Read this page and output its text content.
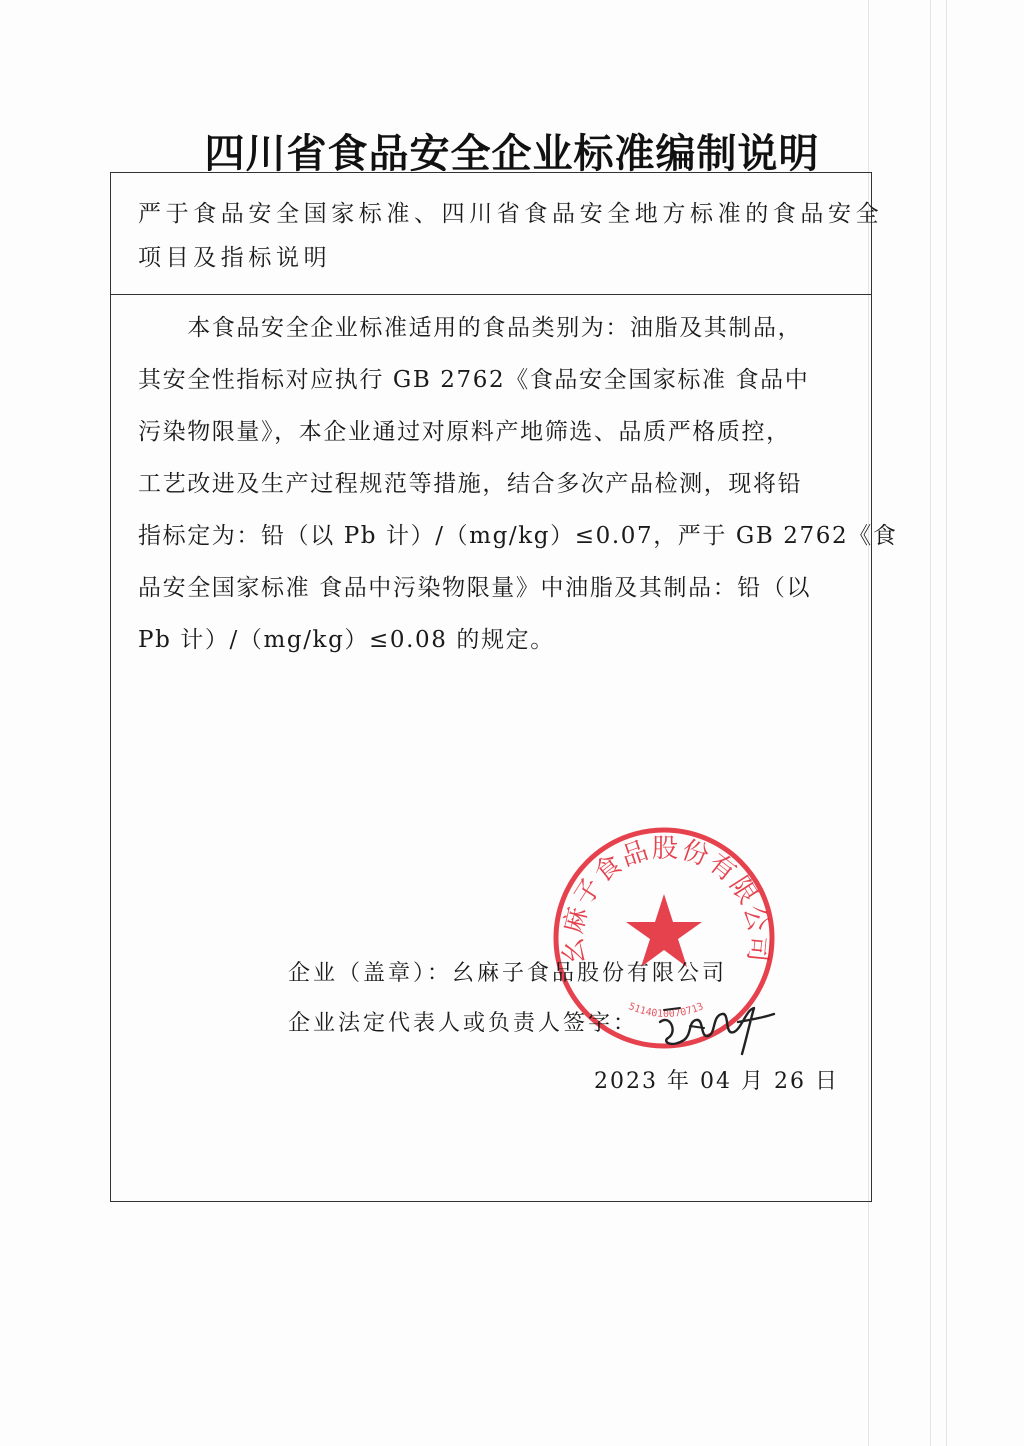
四川省食品安全企业标准编制说明
严于食品安全国家标准、四川省食品安全地方标准的食品安全
项目及指标说明
　　本食品安全企业标准适用的食品类别为：油脂及其制品，
其安全性指标对应执行 GB 2762《食品安全国家标准 食品中
污染物限量》，本企业通过对原料产地筛选、品质严格质控，
工艺改进及生产过程规范等措施，结合多次产品检测，现将铅
指标定为：铅（以 Pb 计）/（mg/kg）≤0.07，严于 GB 2762《食
品安全国家标准 食品中污染物限量》中油脂及其制品：铅（以
Pb 计）/（mg/kg）≤0.08 的规定。
幺麻子食品股份有限公司
5114010070713
企业（盖章）：幺麻子食品股份有限公司
企业法定代表人或负责人签字：
2023 年 04 月 26 日
